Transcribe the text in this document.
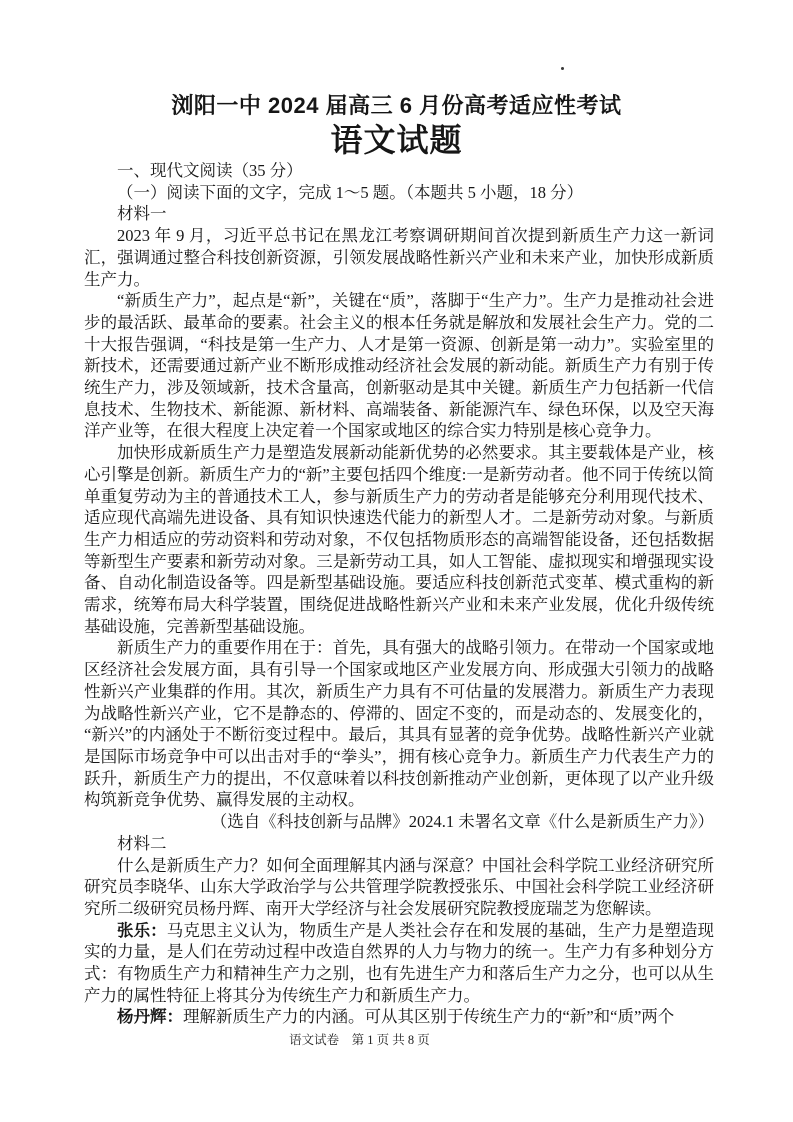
浏阳一中 2024 届高三 6 月份高考适应性考试
语文试题

一、现代文阅读（35 分）

（一）阅读下面的文字，完成 1～5 题。（本题共 5 小题，18 分）

材料一

2023 年 9 月，习近平总书记在黑龙江考察调研期间首次提到新质生产力这一新词汇，强调通过整合科技创新资源，引领发展战略性新兴产业和未来产业，加快形成新质生产力。

“新质生产力”，起点是“新”，关键在“质”，落脚于“生产力”。生产力是推动社会进步的最活跃、最革命的要素。社会主义的根本任务就是解放和发展社会生产力。党的二十大报告强调，“科技是第一生产力、人才是第一资源、创新是第一动力”。实验室里的新技术，还需要通过新产业不断形成推动经济社会发展的新动能。新质生产力有别于传统生产力，涉及领域新，技术含量高，创新驱动是其中关键。新质生产力包括新一代信息技术、生物技术、新能源、新材料、高端装备、新能源汽车、绿色环保，以及空天海洋产业等，在很大程度上决定着一个国家或地区的综合实力特别是核心竞争力。

加快形成新质生产力是塑造发展新动能新优势的必然要求。其主要载体是产业，核心引擎是创新。新质生产力的“新”主要包括四个维度:一是新劳动者。他不同于传统以简单重复劳动为主的普通技术工人，参与新质生产力的劳动者是能够充分利用现代技术、适应现代高端先进设备、具有知识快速迭代能力的新型人才。二是新劳动对象。与新质生产力相适应的劳动资料和劳动对象，不仅包括物质形态的高端智能设备，还包括数据等新型生产要素和新劳动对象。三是新劳动工具，如人工智能、虚拟现实和增强现实设备、自动化制造设备等。四是新型基础设施。要适应科技创新范式变革、模式重构的新需求，统筹布局大科学装置，围绕促进战略性新兴产业和未来产业发展，优化升级传统基础设施，完善新型基础设施。

新质生产力的重要作用在于：首先，具有强大的战略引领力。在带动一个国家或地区经济社会发展方面，具有引导一个国家或地区产业发展方向、形成强大引领力的战略性新兴产业集群的作用。其次，新质生产力具有不可估量的发展潜力。新质生产力表现为战略性新兴产业，它不是静态的、停滞的、固定不变的，而是动态的、发展变化的，“新兴”的内涵处于不断衍变过程中。最后，其具有显著的竞争优势。战略性新兴产业就是国际市场竞争中可以出击对手的“拳头”，拥有核心竞争力。新质生产力代表生产力的跃升，新质生产力的提出，不仅意味着以科技创新推动产业创新，更体现了以产业升级构筑新竞争优势、赢得发展的主动权。

（选自《科技创新与品牌》2024.1 未署名文章《什么是新质生产力》）

材料二

什么是新质生产力？如何全面理解其内涵与深意？中国社会科学院工业经济研究所研究员李晓华、山东大学政治学与公共管理学院教授张乐、中国社会科学院工业经济研究所二级研究员杨丹辉、南开大学经济与社会发展研究院教授庞瑞芝为您解读。

张乐：马克思主义认为，物质生产是人类社会存在和发展的基础，生产力是塑造现实的力量，是人们在劳动过程中改造自然界的人力与物力的统一。生产力有多种划分方式：有物质生产力和精神生产力之别，也有先进生产力和落后生产力之分，也可以从生产力的属性特征上将其分为传统生产力和新质生产力。

杨丹辉：理解新质生产力的内涵。可从其区别于传统生产力的“新”和“质”两个

语文试卷　第 1 页 共 8 页
